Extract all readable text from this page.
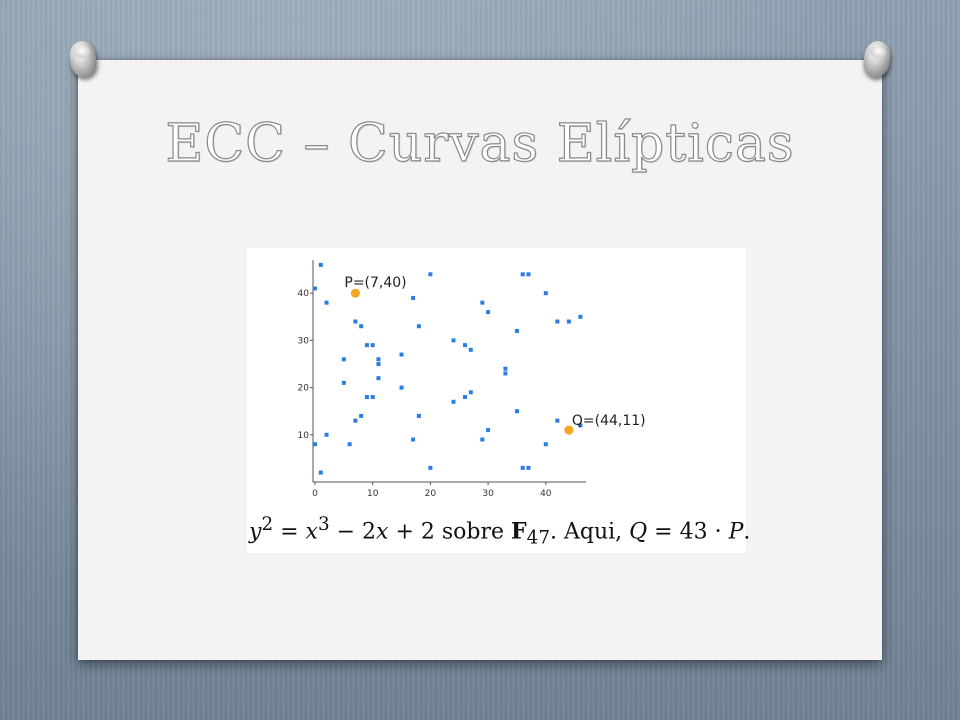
ECC – Curvas Elípticas
0	10	20	30	40
10
20
30
40
P=(7,40)
Q=(44,11)
$y^2 = x^3 - 2x + 2$ sobre $F_{47}$. Aqui, Q = 43 · P.
